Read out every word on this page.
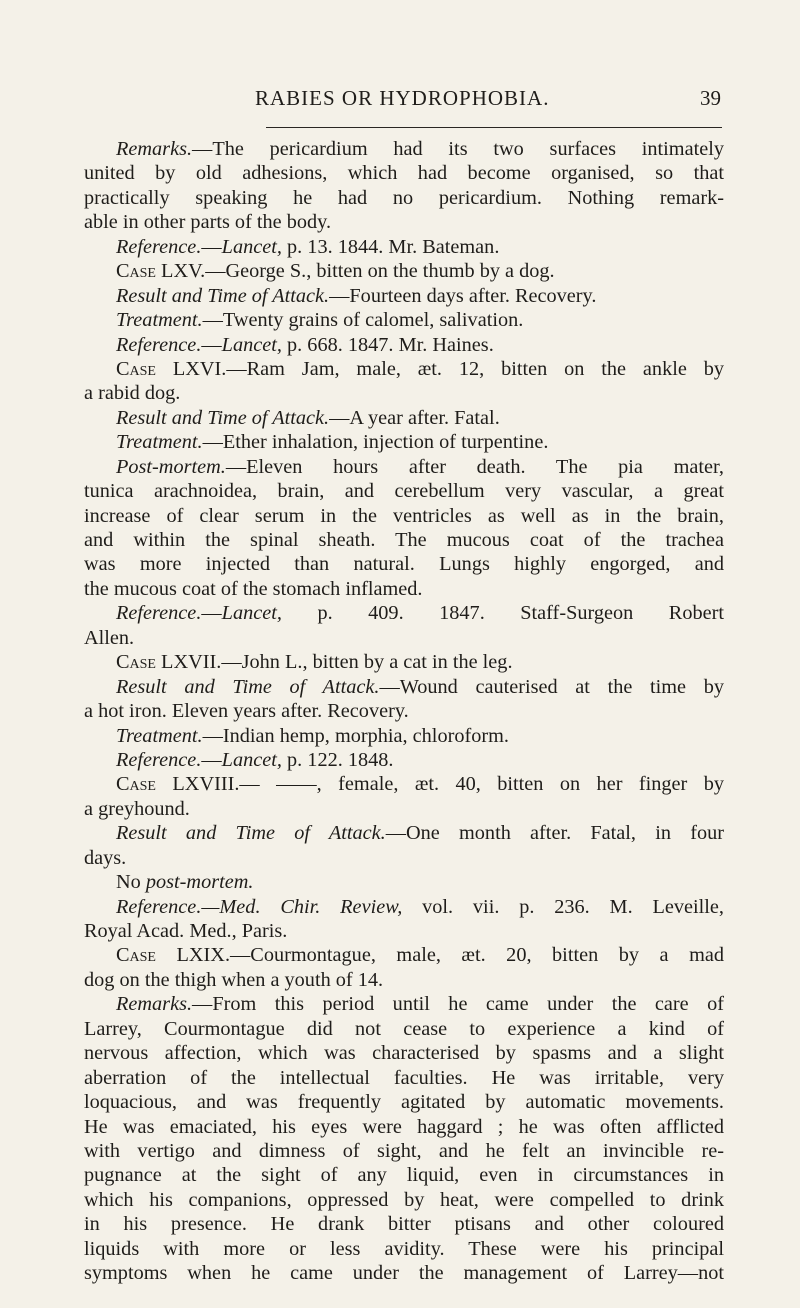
RABIES OR HYDROPHOBIA.	39
Remarks.—The pericardium had its two surfaces intimately
united by old adhesions, which had become organised, so that
practically speaking he had no pericardium. Nothing remark-
able in other parts of the body.
Reference.—Lancet, p. 13. 1844. Mr. Bateman.
Case LXV.—George S., bitten on the thumb by a dog.
Result and Time of Attack.—Fourteen days after. Recovery.
Treatment.—Twenty grains of calomel, salivation.
Reference.—Lancet, p. 668. 1847. Mr. Haines.
Case LXVI.—Ram Jam, male, æt. 12, bitten on the ankle by
a rabid dog.
Result and Time of Attack.—A year after. Fatal.
Treatment.—Ether inhalation, injection of turpentine.
Post-mortem.—Eleven hours after death. The pia mater,
tunica arachnoidea, brain, and cerebellum very vascular, a great
increase of clear serum in the ventricles as well as in the brain,
and within the spinal sheath. The mucous coat of the trachea
was more injected than natural. Lungs highly engorged, and
the mucous coat of the stomach inflamed.
Reference.—Lancet, p. 409. 1847. Staff-Surgeon Robert
Allen.
Case LXVII.—John L., bitten by a cat in the leg.
Result and Time of Attack.—Wound cauterised at the time by
a hot iron. Eleven years after. Recovery.
Treatment.—Indian hemp, morphia, chloroform.
Reference.—Lancet, p. 122. 1848.
Case LXVIII.— ——, female, æt. 40, bitten on her finger by
a greyhound.
Result and Time of Attack.—One month after. Fatal, in four
days.
No post-mortem.
Reference.—Med. Chir. Review, vol. vii. p. 236. M. Leveille,
Royal Acad. Med., Paris.
Case LXIX.—Courmontague, male, æt. 20, bitten by a mad
dog on the thigh when a youth of 14.
Remarks.—From this period until he came under the care of
Larrey, Courmontague did not cease to experience a kind of
nervous affection, which was characterised by spasms and a slight
aberration of the intellectual faculties. He was irritable, very
loquacious, and was frequently agitated by automatic movements.
He was emaciated, his eyes were haggard ; he was often afflicted
with vertigo and dimness of sight, and he felt an invincible re-
pugnance at the sight of any liquid, even in circumstances in
which his companions, oppressed by heat, were compelled to drink
in his presence. He drank bitter ptisans and other coloured
liquids with more or less avidity. These were his principal
symptoms when he came under the management of Larrey—not
